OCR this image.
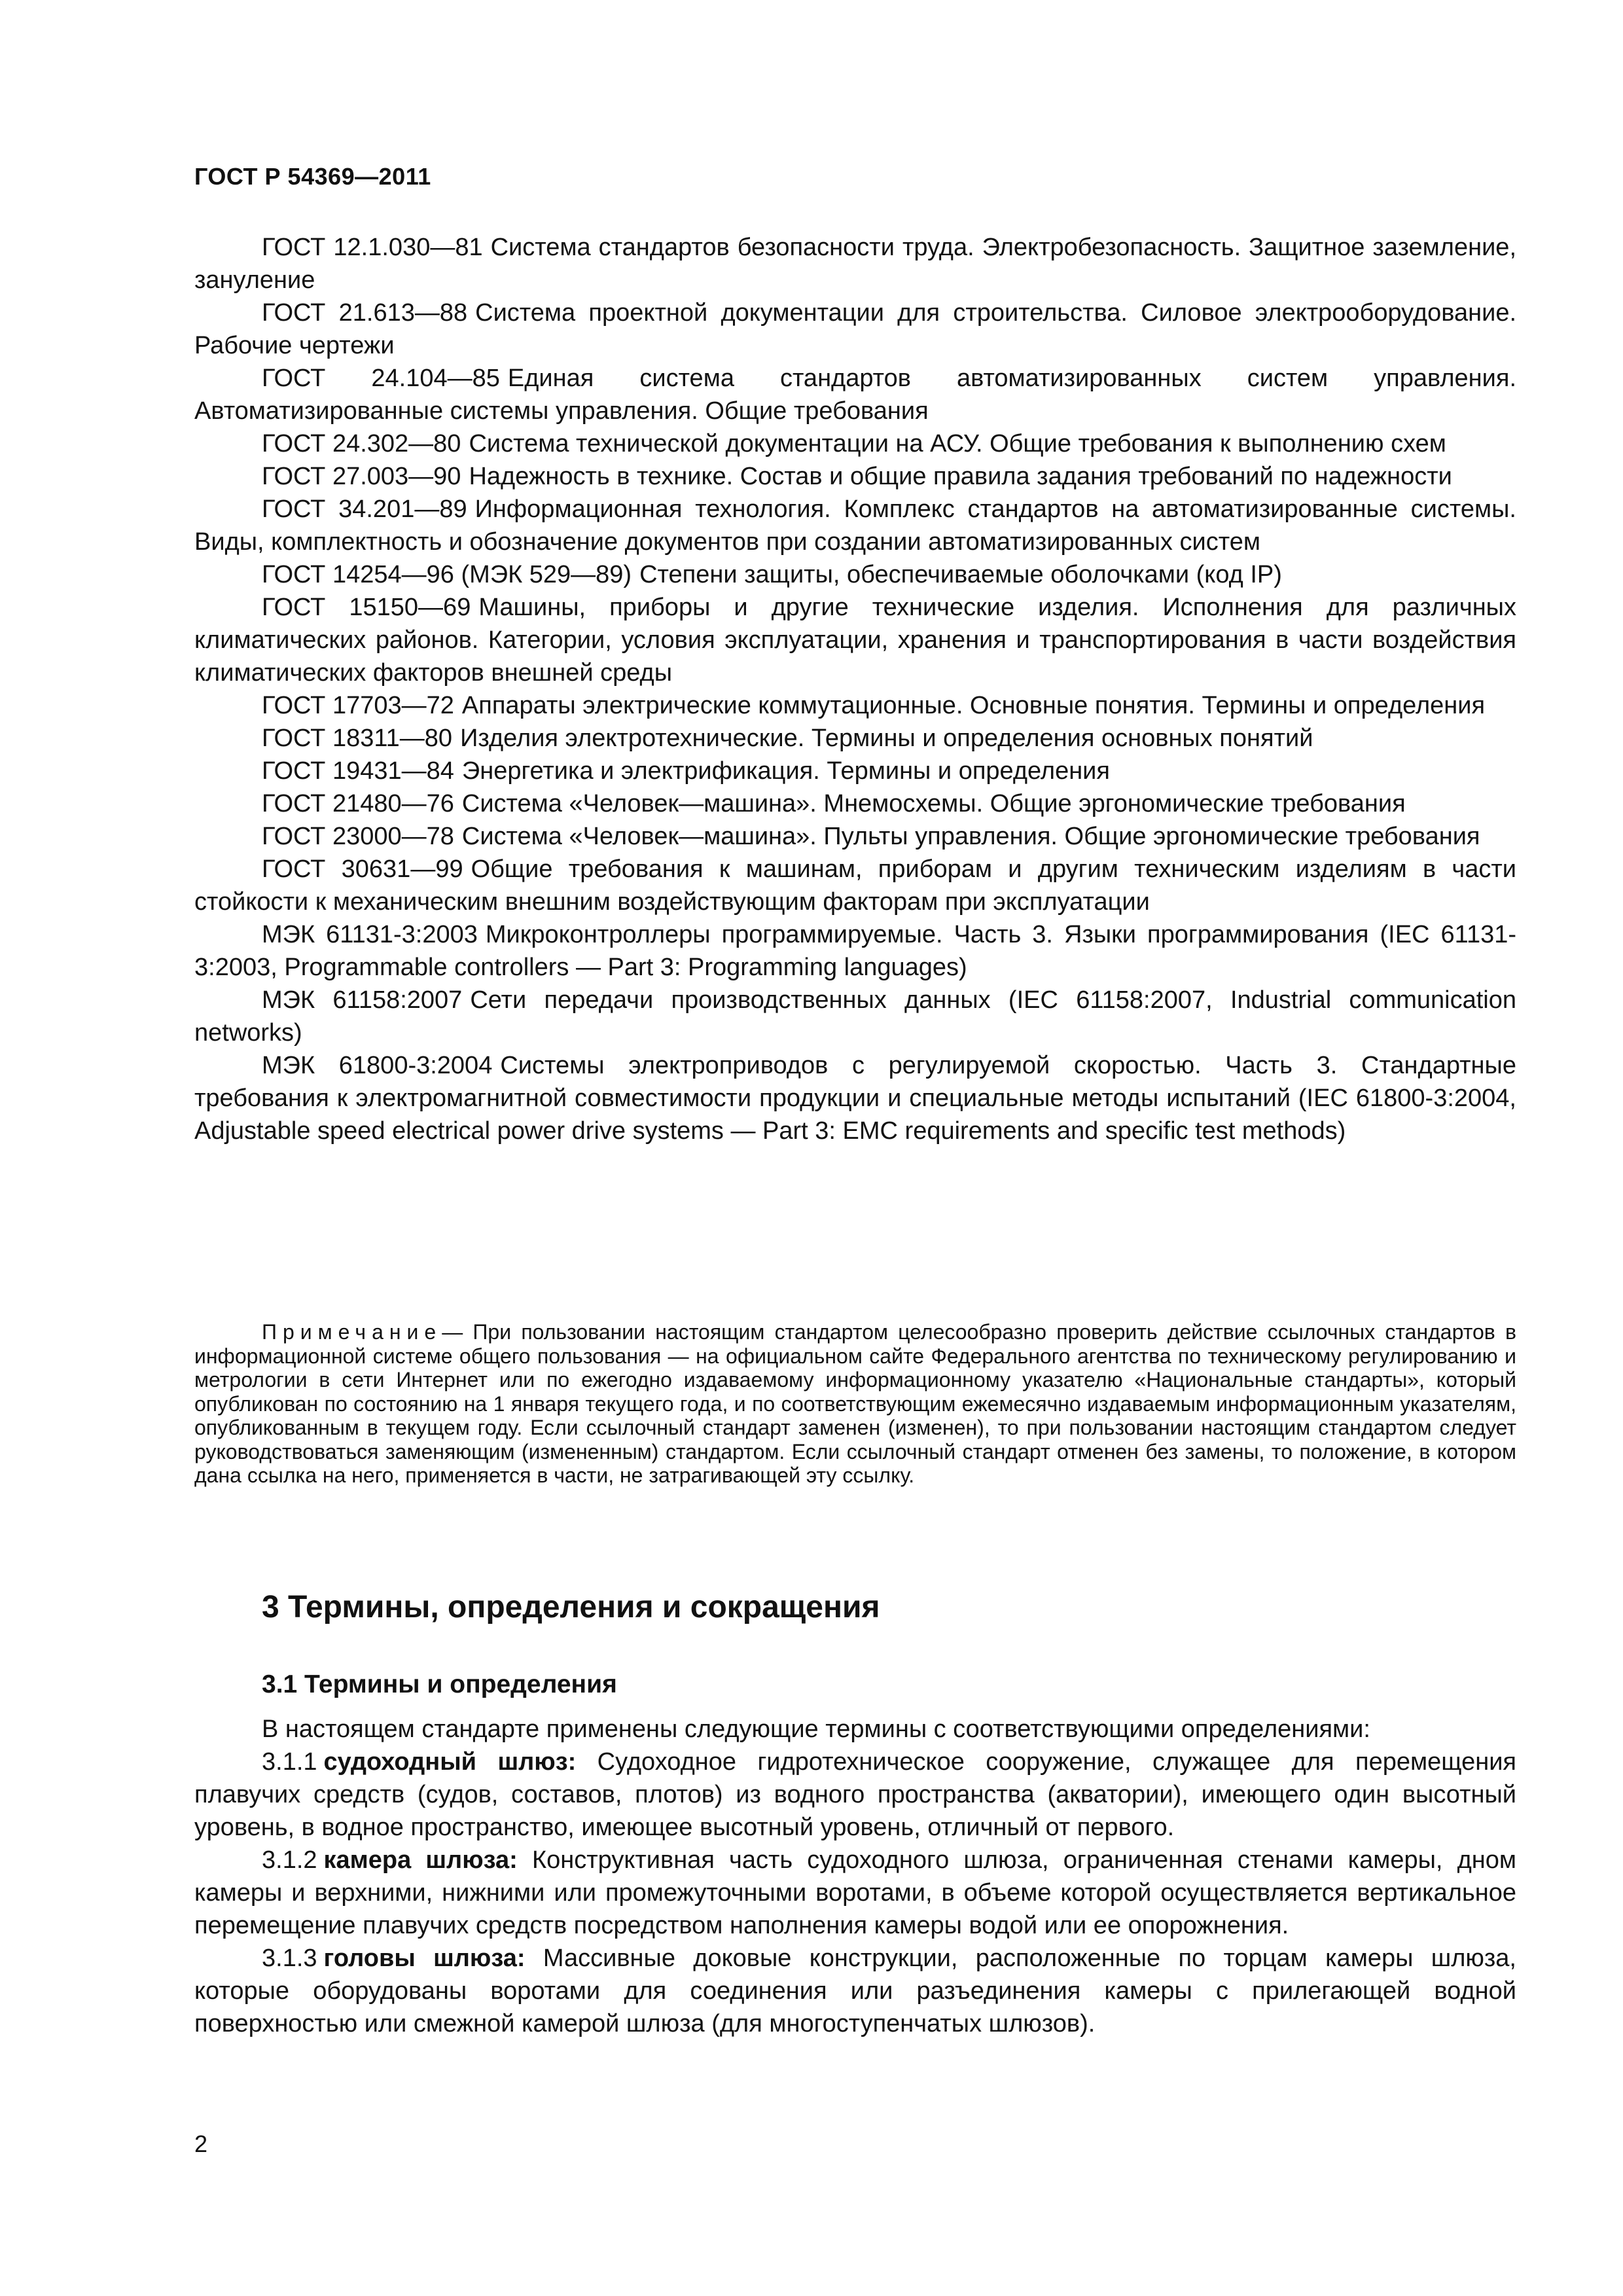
ГОСТ Р 54369—2011

ГОСТ 12.1.030—81 Система стандартов безопасности труда. Электробезопасность. Защитное заземление, зануление

ГОСТ 21.613—88 Система проектной документации для строительства. Силовое электрооборудование. Рабочие чертежи

ГОСТ 24.104—85 Единая система стандартов автоматизированных систем управления. Автоматизированные системы управления. Общие требования

ГОСТ 24.302—80 Система технической документации на АСУ. Общие требования к выполнению схем

ГОСТ 27.003—90 Надежность в технике. Состав и общие правила задания требований по надежности

ГОСТ 34.201—89 Информационная технология. Комплекс стандартов на автоматизированные системы. Виды, комплектность и обозначение документов при создании автоматизированных систем

ГОСТ 14254—96 (МЭК 529—89) Степени защиты, обеспечиваемые оболочками (код IP)

ГОСТ 15150—69 Машины, приборы и другие технические изделия. Исполнения для различных климатических районов. Категории, условия эксплуатации, хранения и транспортирования в части воздействия климатических факторов внешней среды

ГОСТ 17703—72 Аппараты электрические коммутационные. Основные понятия. Термины и определения

ГОСТ 18311—80 Изделия электротехнические. Термины и определения основных понятий

ГОСТ 19431—84 Энергетика и электрификация. Термины и определения

ГОСТ 21480—76 Система «Человек—машина». Мнемосхемы. Общие эргономические требования

ГОСТ 23000—78 Система «Человек—машина». Пульты управления. Общие эргономические требования

ГОСТ 30631—99 Общие требования к машинам, приборам и другим техническим изделиям в части стойкости к механическим внешним воздействующим факторам при эксплуатации

МЭК 61131-3:2003 Микроконтроллеры программируемые. Часть 3. Языки программирования (IEC 61131-3:2003, Programmable controllers — Part 3: Programming languages)

МЭК 61158:2007 Сети передачи производственных данных (IEC 61158:2007, Industrial communication networks)

МЭК 61800-3:2004 Системы электроприводов с регулируемой скоростью. Часть 3. Стандартные требования к электромагнитной совместимости продукции и специальные методы испытаний (IEC 61800-3:2004, Adjustable speed electrical power drive systems — Part 3: EMC requirements and specific test methods)

Примечание— При пользовании настоящим стандартом целесообразно проверить действие ссылочных стандартов в информационной системе общего пользования — на официальном сайте Федерального агентства по техническому регулированию и метрологии в сети Интернет или по ежегодно издаваемому информационному указателю «Национальные стандарты», который опубликован по состоянию на 1 января текущего года, и по соответствующим ежемесячно издаваемым информационным указателям, опубликованным в текущем году. Если ссылочный стандарт заменен (изменен), то при пользовании настоящим стандартом следует руководствоваться заменяющим (измененным) стандартом. Если ссылочный стандарт отменен без замены, то положение, в котором дана ссылка на него, применяется в части, не затрагивающей эту ссылку.

3 Термины, определения и сокращения
3.1 Термины и определения

В настоящем стандарте применены следующие термины с соответствующими определениями:

3.1.1 судоходный шлюз: Судоходное гидротехническое сооружение, служащее для перемещения плавучих средств (судов, составов, плотов) из водного пространства (акватории), имеющего один высотный уровень, в водное пространство, имеющее высотный уровень, отличный от первого.

3.1.2 камера шлюза: Конструктивная часть судоходного шлюза, ограниченная стенами камеры, дном камеры и верхними, нижними или промежуточными воротами, в объеме которой осуществляется вертикальное перемещение плавучих средств посредством наполнения камеры водой или ее опорожнения.

3.1.3 головы шлюза: Массивные доковые конструкции, расположенные по торцам камеры шлюза, которые оборудованы воротами для соединения или разъединения камеры с прилегающей водной поверхностью или смежной камерой шлюза (для многоступенчатых шлюзов).

2
